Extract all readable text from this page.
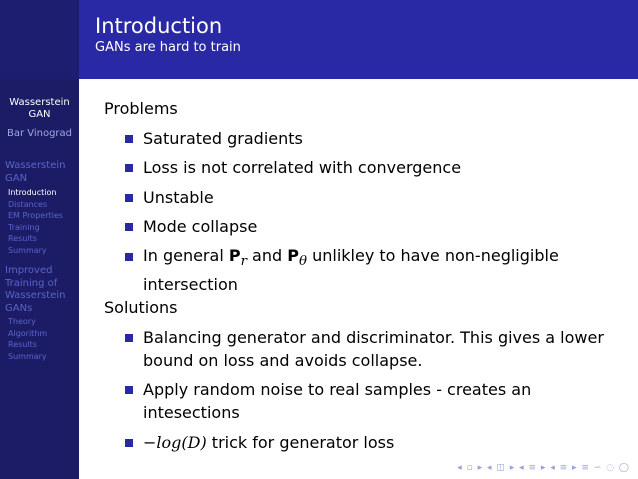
Wasserstein
GAN
Bar Vinograd
Wasserstein
GAN
Introduction
Distances
EM Properties
Training
Results
Summary
Improved
Training of
Wasserstein
GANs
Theory
Algorithm
Results
Summary
Introduction
GANs are hard to train
Problems
Saturated gradients
Loss is not correlated with convergence
Unstable
Mode collapse
In general $P_r$ and $P_\theta$ unlikley to have non-negligible
intersection
Solutions
Balancing generator and discriminator. This gives a lower
bound on loss and avoids collapse.
Apply random noise to real samples - creates an
intesections
−log(D) trick for generator loss
◂ ▫ ▸ ◂ ◫ ▸ ◂ ≡ ▸ ◂ ≡ ▸ ≡ ∽ ◌ ◯
